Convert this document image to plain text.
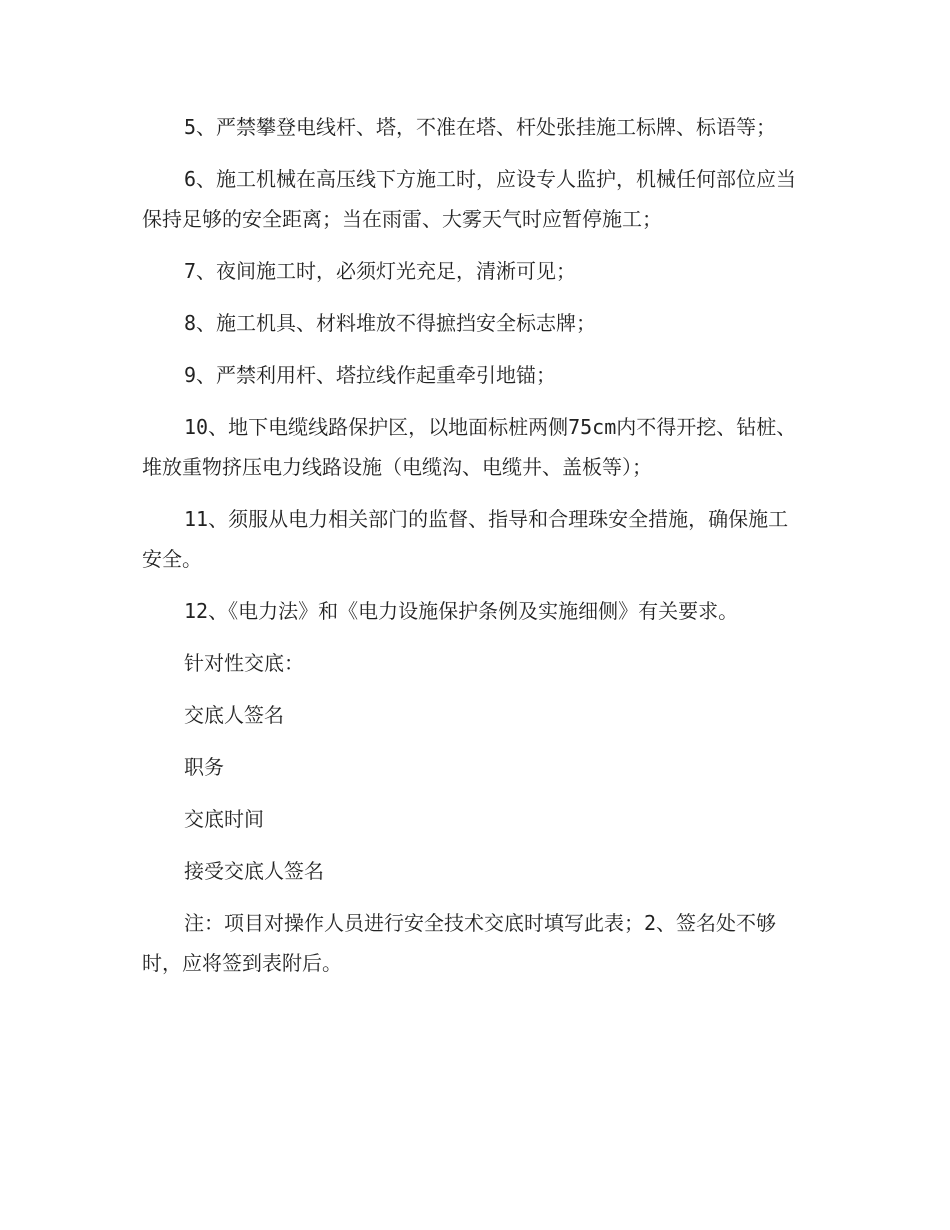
5、严禁攀登电线杆、塔，不准在塔、杆处张挂施工标牌、标语等；

6、施工机械在高压线下方施工时，应设专人监护，机械任何部位应当保持足够的安全距离；当在雨雷、大雾天气时应暂停施工；

7、夜间施工时，必须灯光充足，清淅可见；

8、施工机具、材料堆放不得摭挡安全标志牌；

9、严禁利用杆、塔拉线作起重牵引地锚；

10、地下电缆线路保护区，以地面标桩两侧75cm内不得开挖、钻桩、堆放重物挤压电力线路设施（电缆沟、电缆井、盖板等）；

11、须服从电力相关部门的监督、指导和合理珠安全措施，确保施工安全。

12、《电力法》和《电力设施保护条例及实施细侧》有关要求。

针对性交底：

交底人签名

职务

交底时间

接受交底人签名

注：项目对操作人员进行安全技术交底时填写此表；2、签名处不够时，应将签到表附后。
